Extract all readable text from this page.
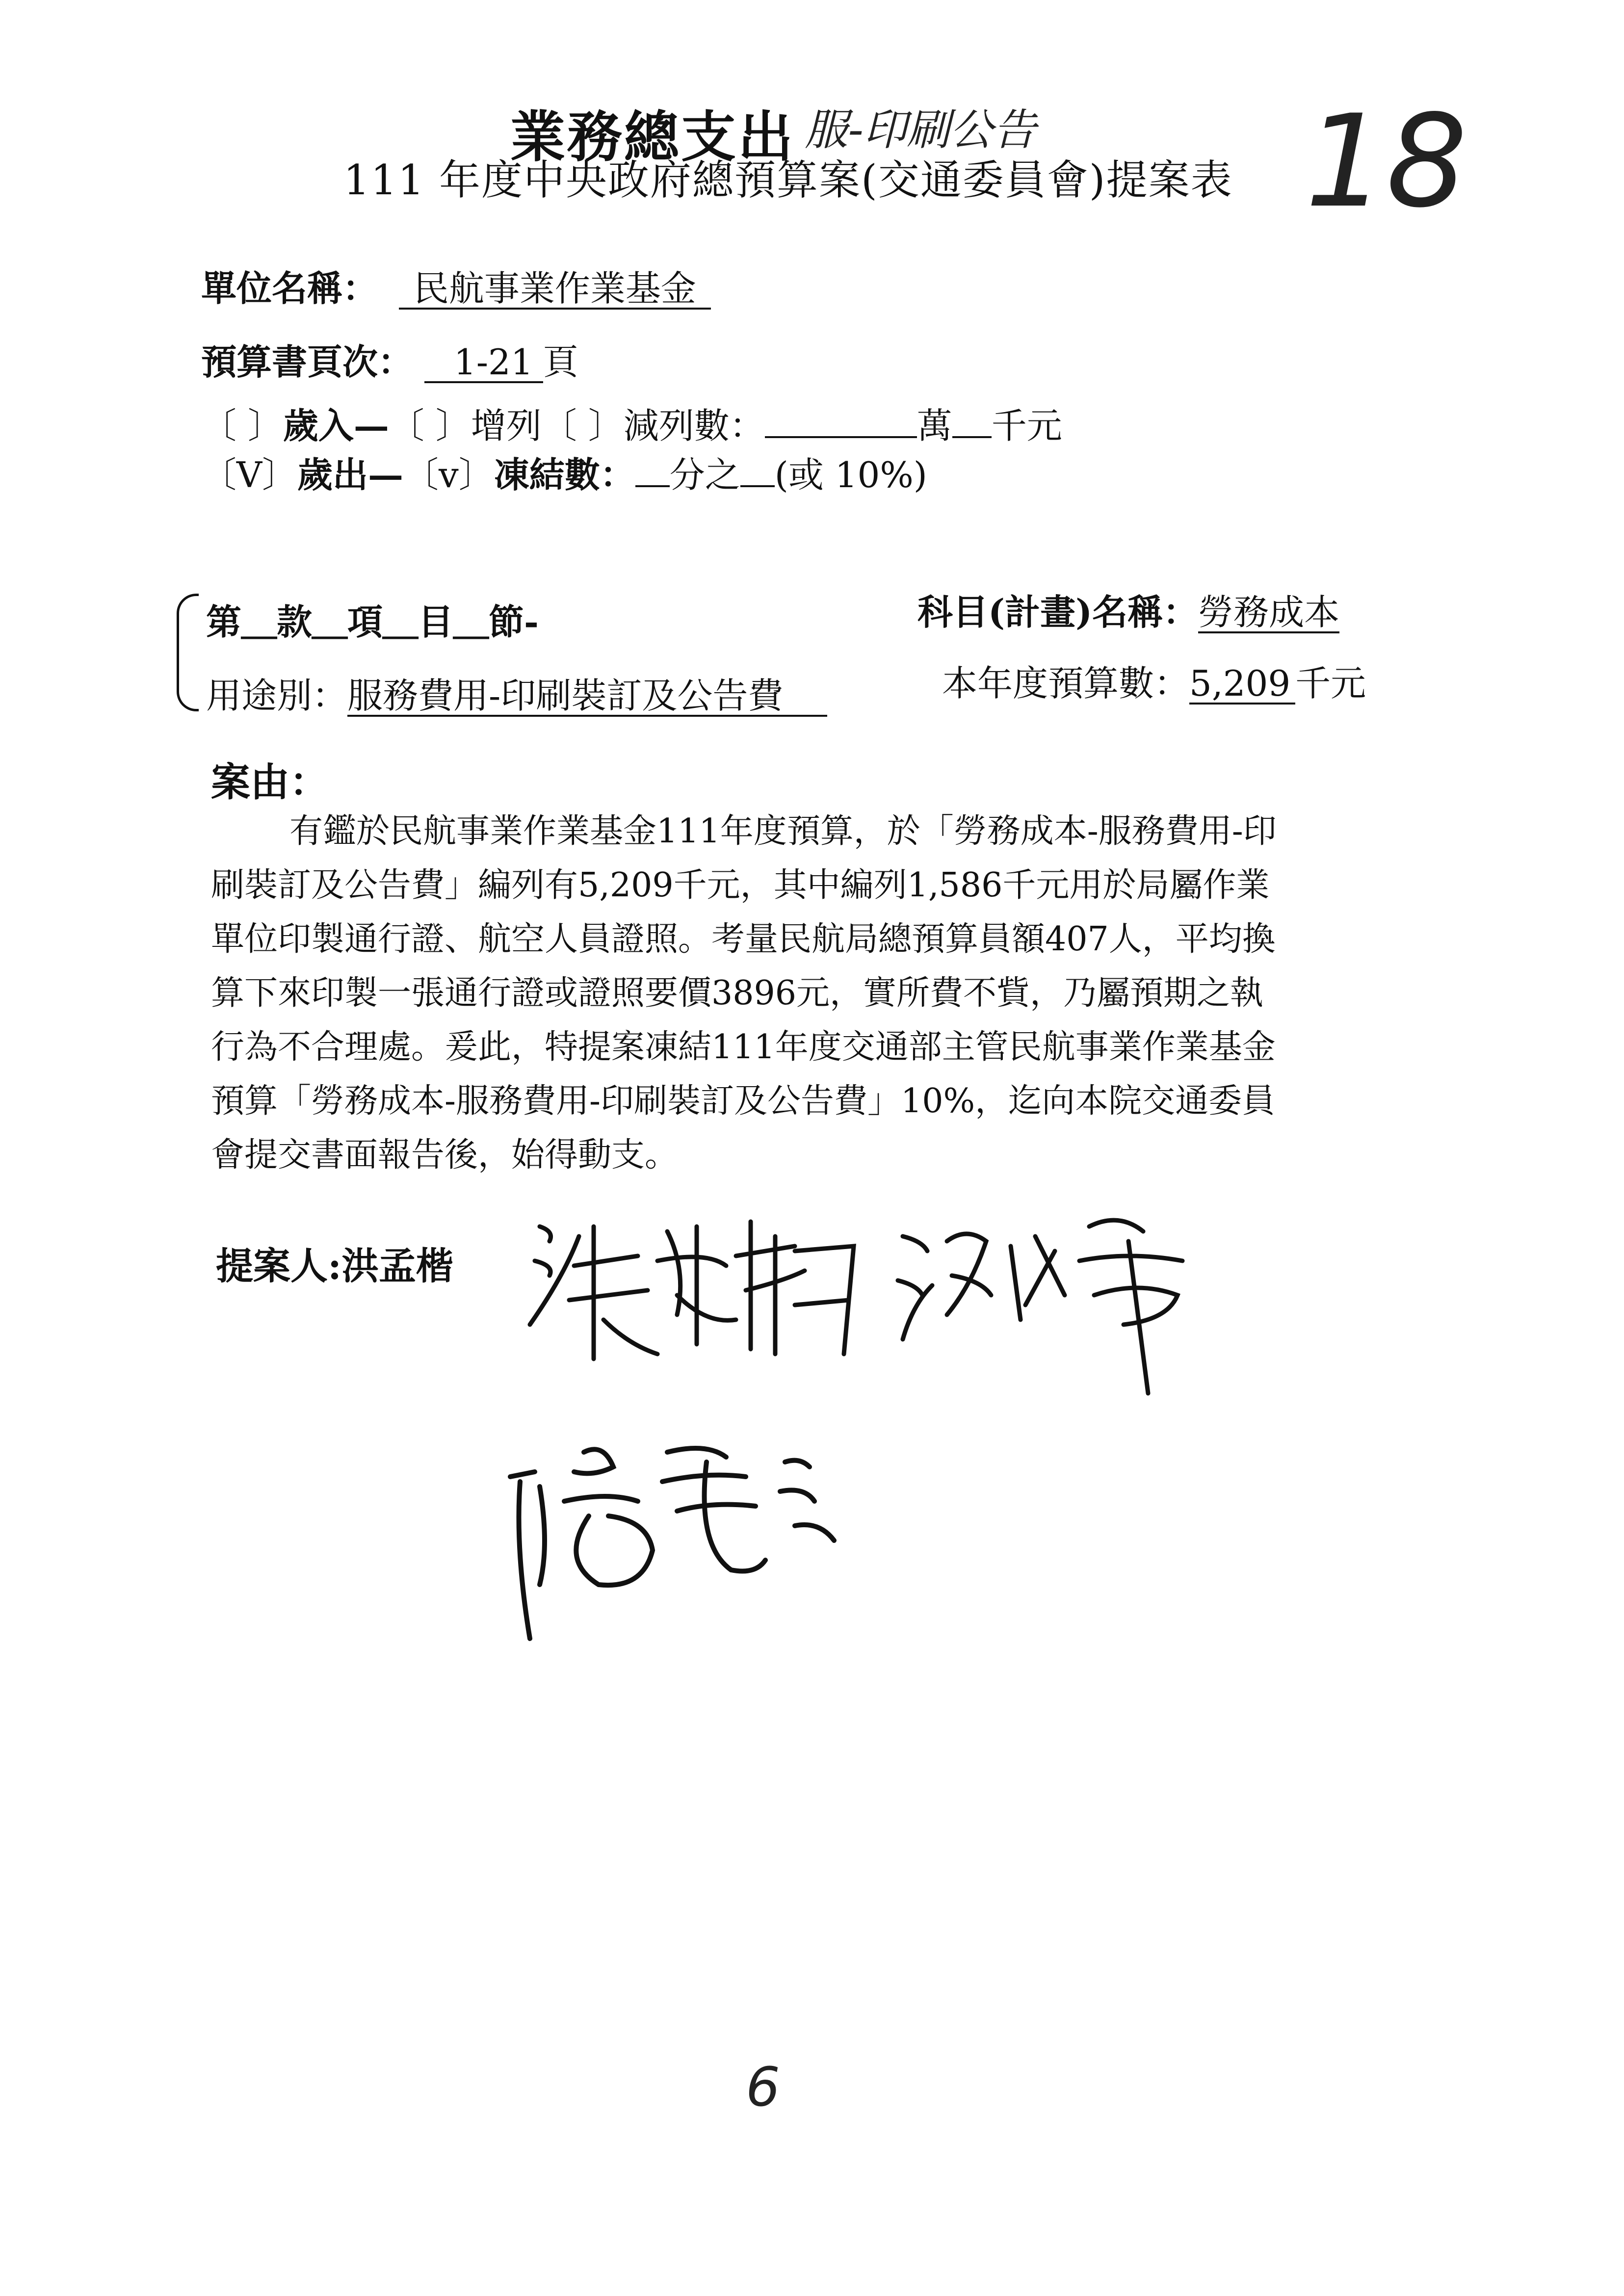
業務總支出 服-印刷公告
111 年度中央政府總預算案(交通委員會)提案表 18
單位名稱： 民航事業作業基金
預算書頁次： 1-21 頁
〔 〕歲入—〔 〕增列〔 〕減列數：	萬 千元
〔V〕歲出—〔v〕凍結數： 分之 (或 10%)
第＿款＿項＿目＿節-
用途別：服務費用-印刷裝訂及公告費
科目(計畫)名稱：勞務成本
本年度預算數：5,209 千元
案由：

有鑑於民航事業作業基金111年度預算，於「勞務成本-服務費用-印

刷裝訂及公告費」編列有5,209千元，其中編列1,586千元用於局屬作業

單位印製通行證、航空人員證照。考量民航局總預算員額407人，平均換

算下來印製一張通行證或證照要價3896元，實所費不貲，乃屬預期之執

行為不合理處。爰此，特提案凍結111年度交通部主管民航事業作業基金

預算「勞務成本-服務費用-印刷裝訂及公告費」10%，迄向本院交通委員

會提交書面報告後，始得動支。

提案人:洪孟楷
6
